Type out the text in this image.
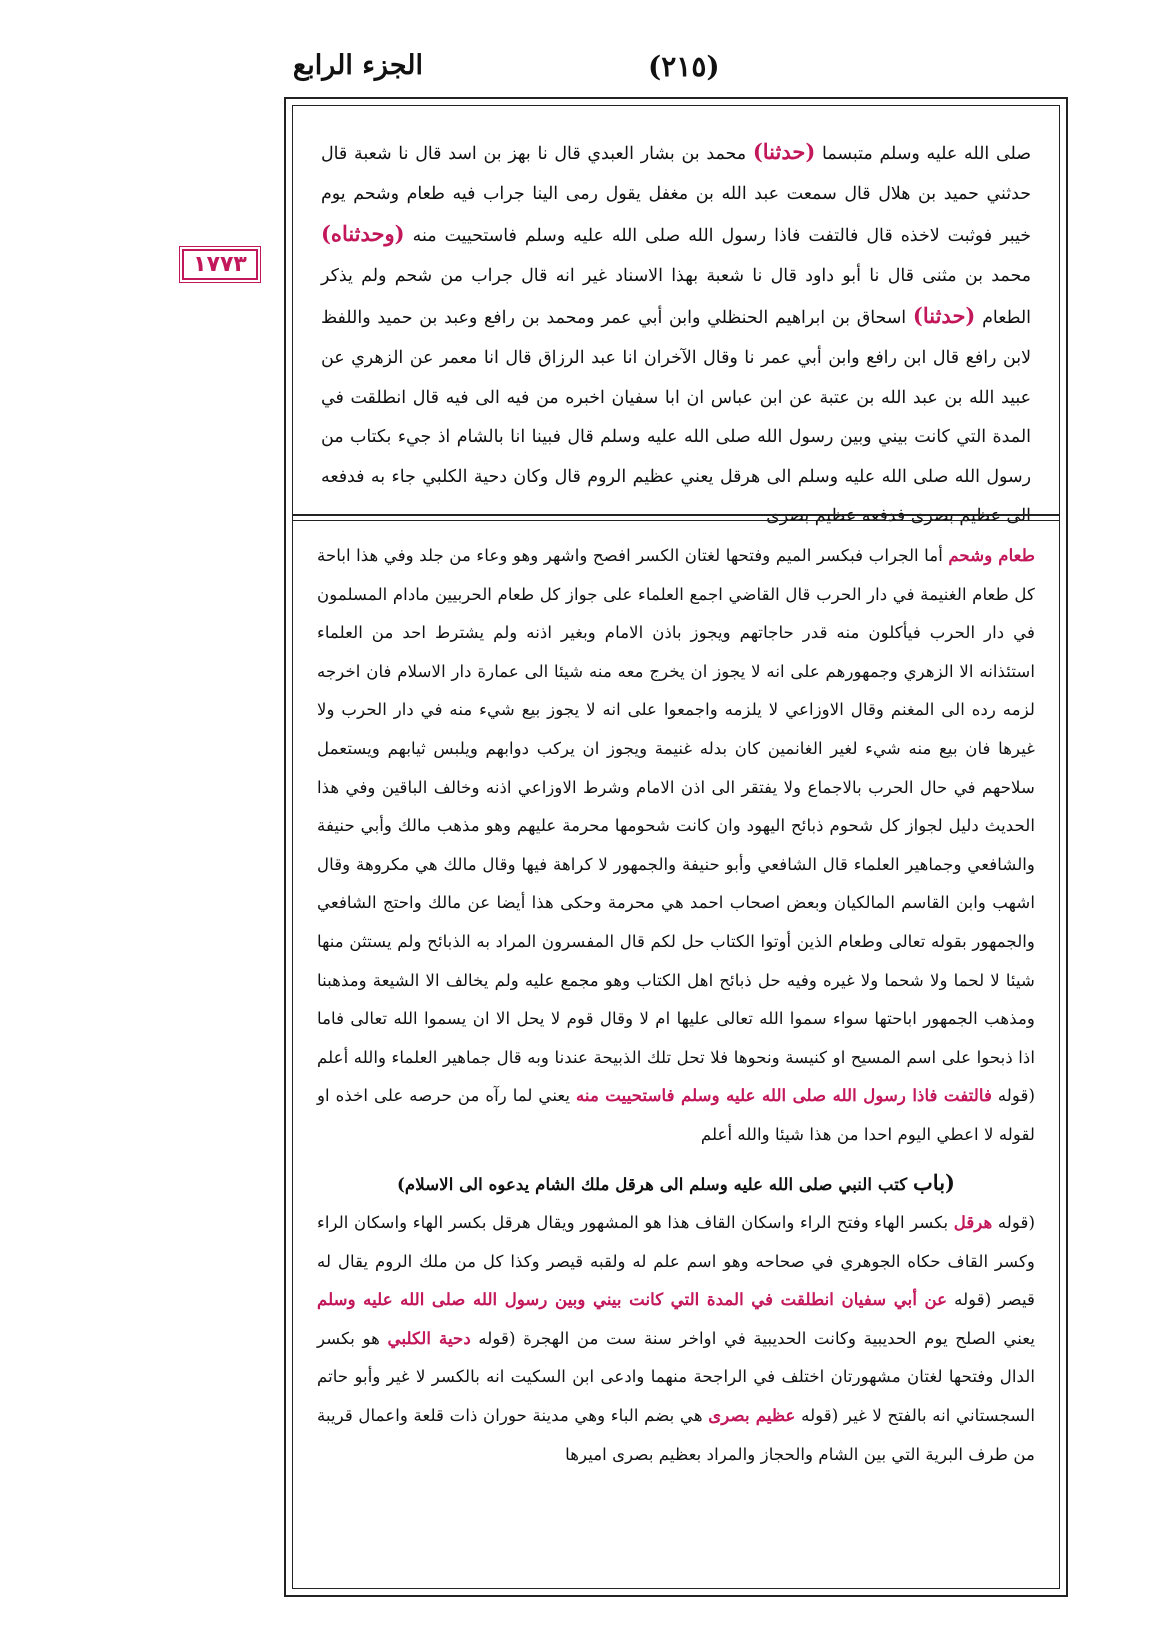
الجزء الرابع	(٢١٥)
١٧٧٣

صلى الله عليه وسلم متبسما (حدثنا) محمد بن بشار العبدي قال نا بهز بن اسد قال نا شعبة قال حدثني حميد بن هلال قال سمعت عبد الله بن مغفل يقول رمى الينا جراب فيه طعام وشحم يوم خيبر فوثبت لاخذه قال فالتفت فاذا رسول الله صلى الله عليه وسلم فاستحييت منه (وحدثناه) محمد بن مثنى قال نا أبو داود قال نا شعبة بهذا الاسناد غير انه قال جراب من شحم ولم يذكر الطعام (حدثنا) اسحاق بن ابراهيم الحنظلي وابن أبي عمر ومحمد بن رافع وعبد بن حميد واللفظ لابن رافع قال ابن رافع وابن أبي عمر نا وقال الآخران انا عبد الرزاق قال انا معمر عن الزهري عن عبيد الله بن عبد الله بن عتبة عن ابن عباس ان ابا سفيان اخبره من فيه الى فيه قال انطلقت في المدة التي كانت بيني وبين رسول الله صلى الله عليه وسلم قال فبينا انا بالشام اذ جيء بكتاب من رسول الله صلى الله عليه وسلم الى هرقل يعني عظيم الروم قال وكان دحية الكلبي جاء به فدفعه الى عظيم بصرى فدفعه عظيم بصرى

طعام وشحم أما الجراب فبكسر الميم وفتحها لغتان الكسر افصح واشهر وهو وعاء من جلد وفي هذا اباحة كل طعام الغنيمة في دار الحرب قال القاضي اجمع العلماء على جواز كل طعام الحربيين مادام المسلمون في دار الحرب فيأكلون منه قدر حاجاتهم ويجوز باذن الامام وبغير اذنه ولم يشترط احد من العلماء استئذانه الا الزهري وجمهورهم على انه لا يجوز ان يخرج معه منه شيئا الى عمارة دار الاسلام فان اخرجه لزمه رده الى المغنم وقال الاوزاعي لا يلزمه واجمعوا على انه لا يجوز بيع شيء منه في دار الحرب ولا غيرها فان بيع منه شيء لغير الغانمين كان بدله غنيمة ويجوز ان يركب دوابهم ويلبس ثيابهم ويستعمل سلاحهم في حال الحرب بالاجماع ولا يفتقر الى اذن الامام وشرط الاوزاعي اذنه وخالف الباقين وفي هذا الحديث دليل لجواز كل شحوم ذبائح اليهود وان كانت شحومها محرمة عليهم وهو مذهب مالك وأبي حنيفة والشافعي وجماهير العلماء قال الشافعي وأبو حنيفة والجمهور لا كراهة فيها وقال مالك هي مكروهة وقال اشهب وابن القاسم المالكيان وبعض اصحاب احمد هي محرمة وحكى هذا أيضا عن مالك واحتج الشافعي والجمهور بقوله تعالى وطعام الذين أوتوا الكتاب حل لكم قال المفسرون المراد به الذبائح ولم يستثن منها شيئا لا لحما ولا شحما ولا غيره وفيه حل ذبائح اهل الكتاب وهو مجمع عليه ولم يخالف الا الشيعة ومذهبنا ومذهب الجمهور اباحتها سواء سموا الله تعالى عليها ام لا وقال قوم لا يحل الا ان يسموا الله تعالى فاما اذا ذبحوا على اسم المسيح او كنيسة ونحوها فلا تحل تلك الذبيحة عندنا وبه قال جماهير العلماء والله أعلم (قوله فالتفت فاذا رسول الله صلى الله عليه وسلم فاستحييت منه يعني لما رآه من حرصه على اخذه او لقوله لا اعطي اليوم احدا من هذا شيئا والله أعلم

(باب كتب النبي صلى الله عليه وسلم الى هرقل ملك الشام يدعوه الى الاسلام)

(قوله هرقل بكسر الهاء وفتح الراء واسكان القاف هذا هو المشهور ويقال هرقل بكسر الهاء واسكان الراء وكسر القاف حكاه الجوهري في صحاحه وهو اسم علم له ولقبه قيصر وكذا كل من ملك الروم يقال له قيصر (قوله عن أبي سفيان انطلقت في المدة التي كانت بيني وبين رسول الله صلى الله عليه وسلم يعني الصلح يوم الحديبية وكانت الحديبية في اواخر سنة ست من الهجرة (قوله دحية الكلبي هو بكسر الدال وفتحها لغتان مشهورتان اختلف في الراجحة منهما وادعى ابن السكيت انه بالكسر لا غير وأبو حاتم السجستاني انه بالفتح لا غير (قوله عظيم بصرى هي بضم الباء وهي مدينة حوران ذات قلعة واعمال قريبة من طرف البرية التي بين الشام والحجاز والمراد بعظيم بصرى اميرها
